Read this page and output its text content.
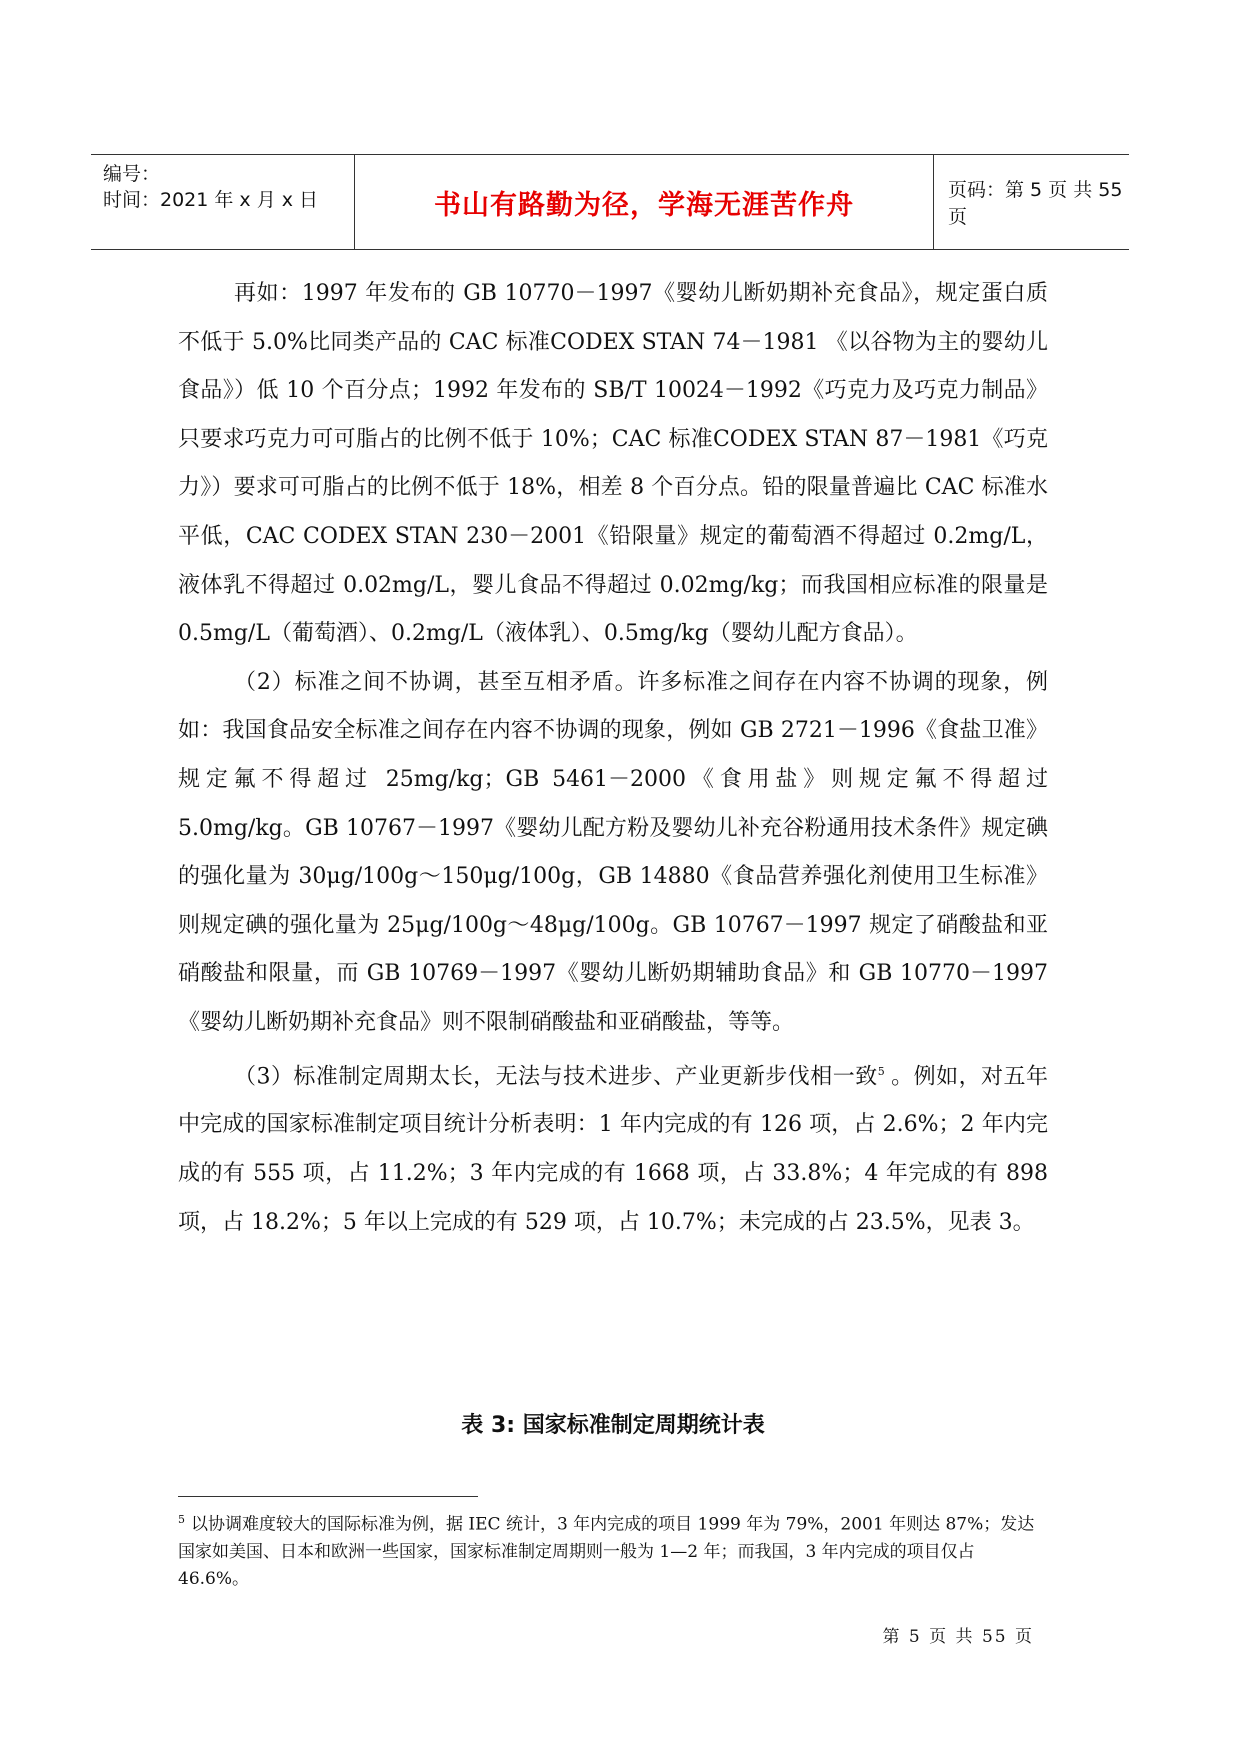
编号：
时间：2021 年 x 月 x 日	书山有路勤为径，学海无涯苦作舟	页码：第 5 页 共 55 页

再如：1997 年发布的 GB 10770－1997《婴幼儿断奶期补充食品》，规定蛋白质不低于 5.0%比同类产品的 CAC 标准CODEX STAN 74－1981 《以谷物为主的婴幼儿食品》）低 10 个百分点；1992 年发布的 SB/T 10024－1992《巧克力及巧克力制品》只要求巧克力可可脂占的比例不低于 10%；CAC 标准CODEX STAN 87－1981《巧克力》）要求可可脂占的比例不低于 18%，相差 8 个百分点。铅的限量普遍比 CAC 标准水平低，CAC CODEX STAN 230－2001《铅限量》规定的葡萄酒不得超过 0.2mg/L，液体乳不得超过 0.02mg/L，婴儿食品不得超过 0.02mg/kg；而我国相应标准的限量是 0.5mg/L（葡萄酒）、0.2mg/L（液体乳）、0.5mg/kg（婴幼儿配方食品）。

（2）标准之间不协调，甚至互相矛盾。许多标准之间存在内容不协调的现象，例如：我国食品安全标准之间存在内容不协调的现象，例如 GB 2721－1996《食盐卫准》规定氟不得超过 25mg/kg；GB 5461－2000《食用盐》则规定氟不得超过 5.0mg/kg。GB 10767－1997《婴幼儿配方粉及婴幼儿补充谷粉通用技术条件》规定碘的强化量为 30μg/100g～150μg/100g，GB 14880《食品营养强化剂使用卫生标准》则规定碘的强化量为 25μg/100g～48μg/100g。GB 10767－1997 规定了硝酸盐和亚硝酸盐和限量，而 GB 10769－1997《婴幼儿断奶期辅助食品》和 GB 10770－1997《婴幼儿断奶期补充食品》则不限制硝酸盐和亚硝酸盐，等等。

（3）标准制定周期太长，无法与技术进步、产业更新步伐相一致$^5$ 。例如，对五年中完成的国家标准制定项目统计分析表明：1 年内完成的有 126 项，占 2.6%；2 年内完成的有 555 项，占 11.2%；3 年内完成的有 1668 项，占 33.8%；4 年完成的有 898 项，占 18.2%；5 年以上完成的有 529 项，占 10.7%；未完成的占 23.5%，见表 3。

表 3: 国家标准制定周期统计表

$^5$ 以协调难度较大的国际标准为例，据 IEC 统计，3 年内完成的项目 1999 年为 79%，2001 年则达 87%；发达国家如美国、日本和欧洲一些国家，国家标准制定周期则一般为 1—2 年；而我国，3 年内完成的项目仅占 46.6%。

第 5 页 共 55 页
